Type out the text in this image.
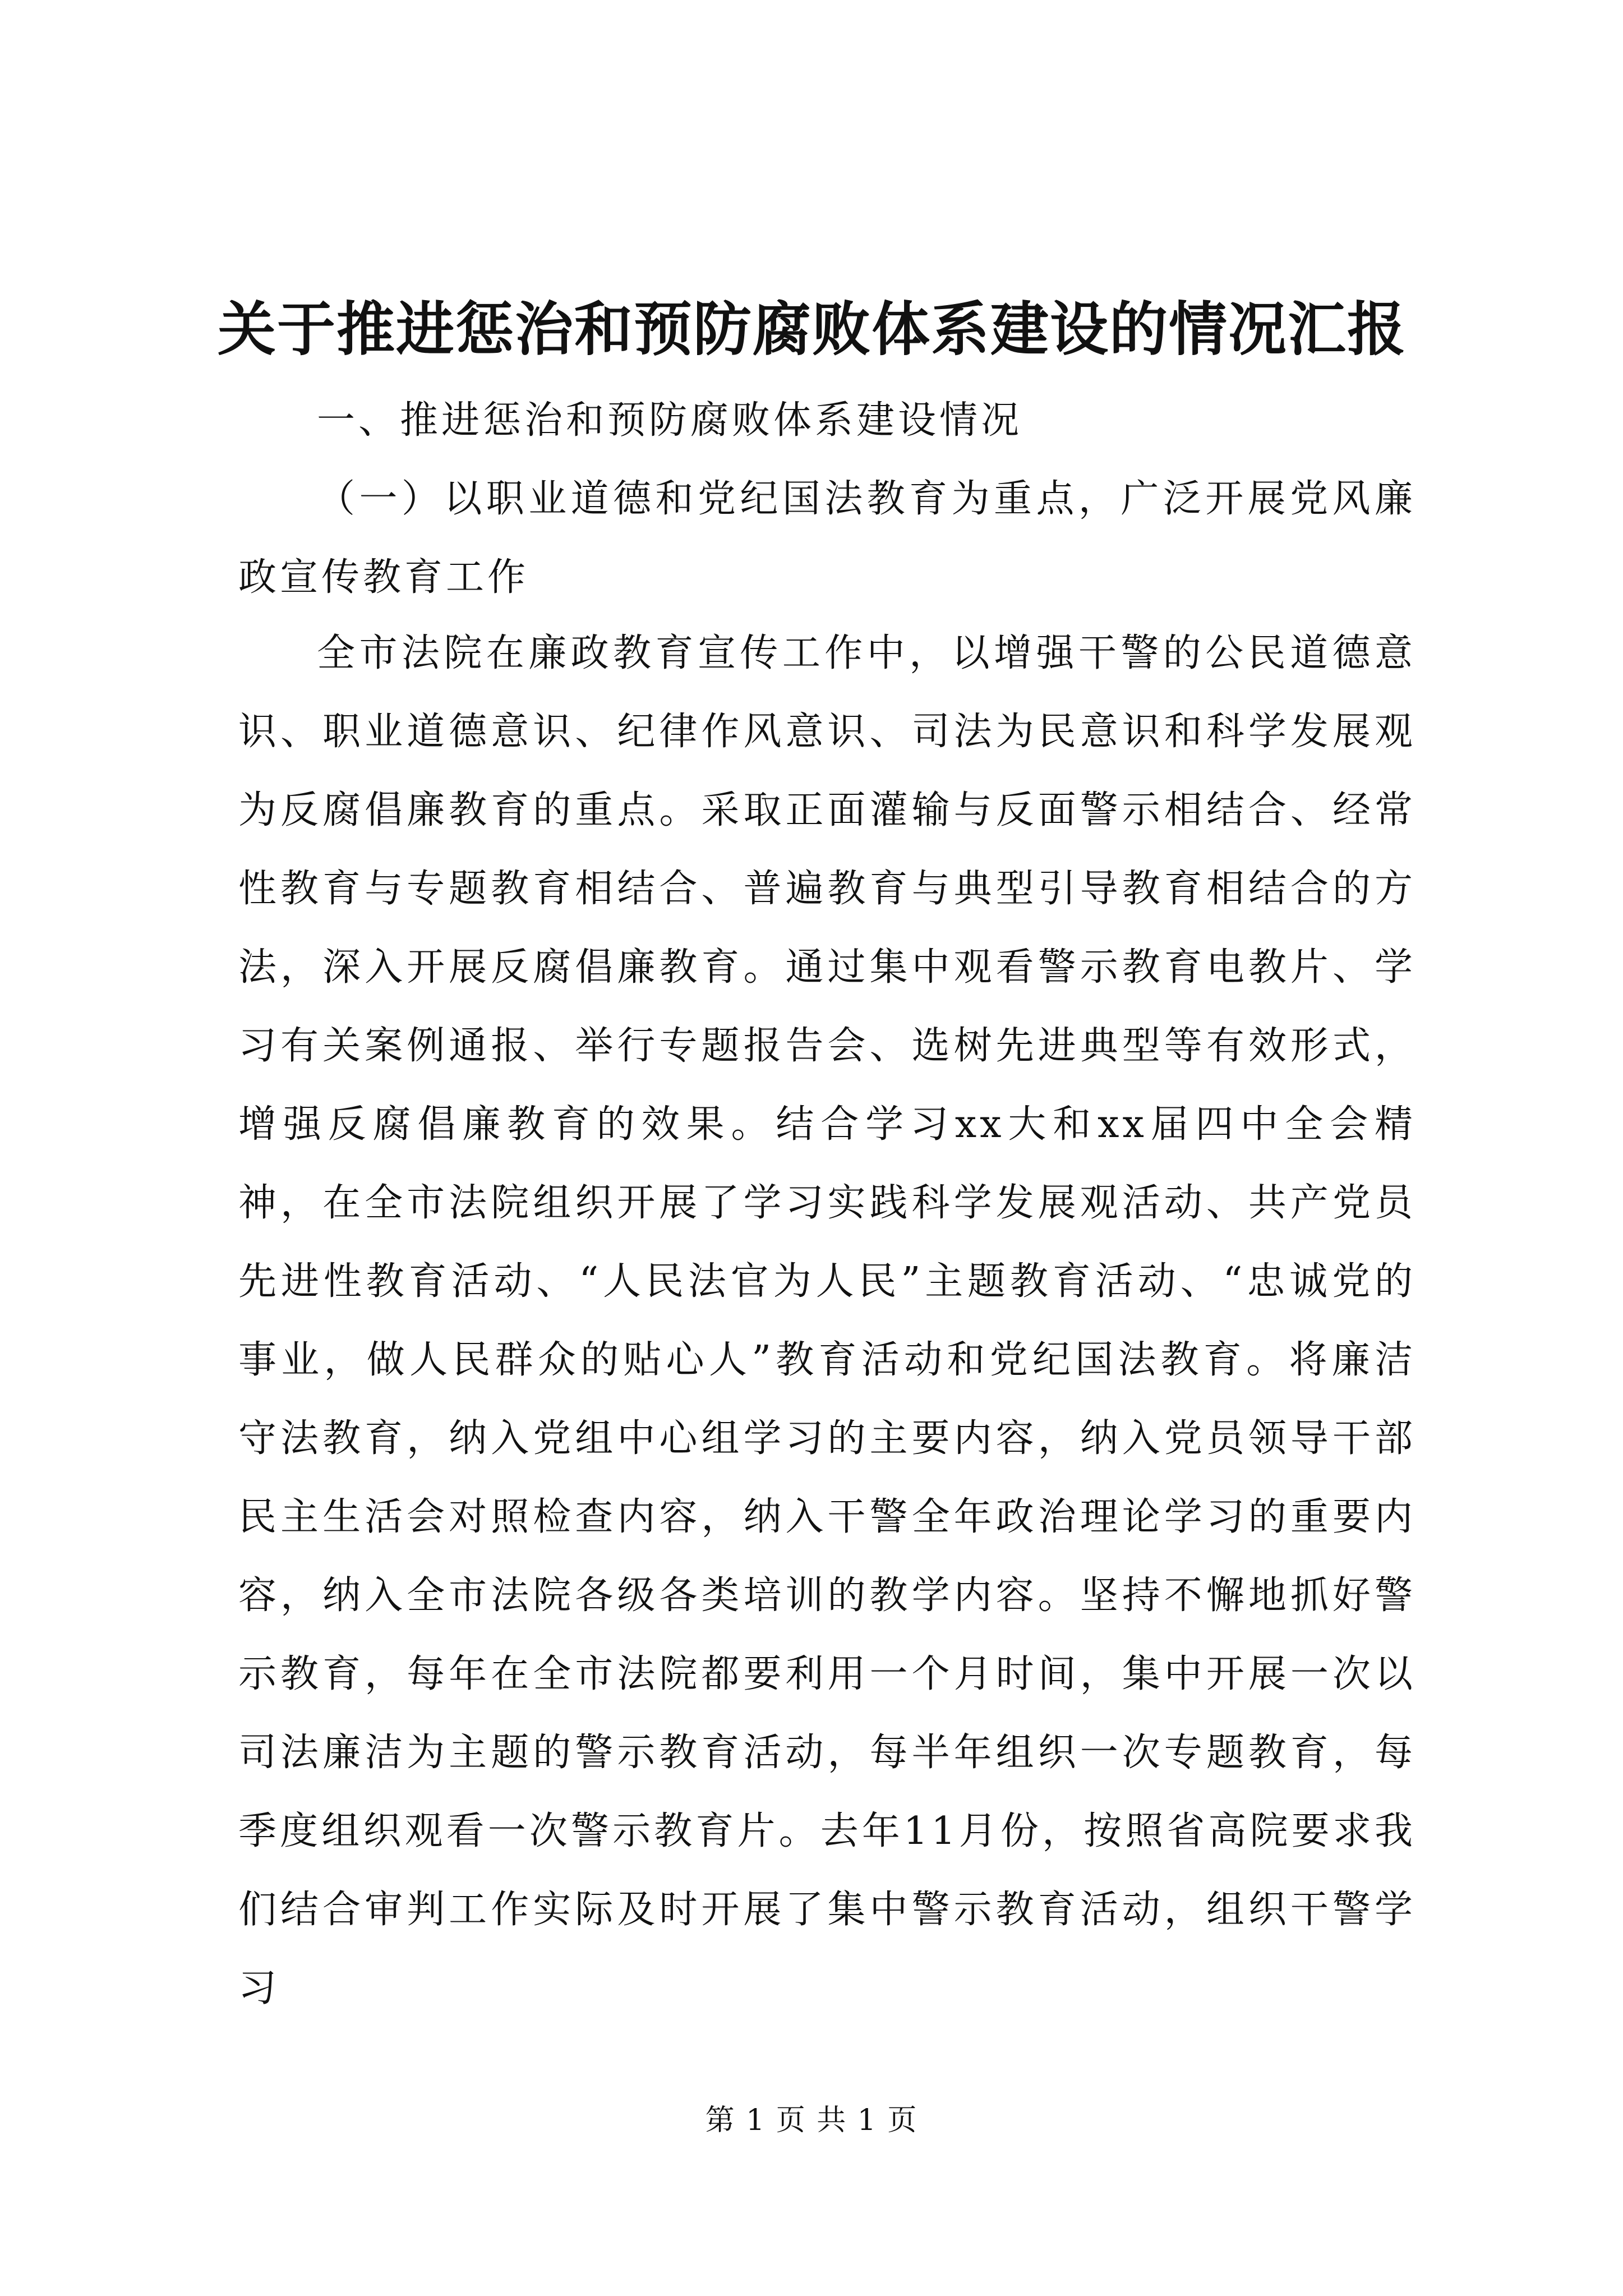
关于推进惩治和预防腐败体系建设的情况汇报
一、推进惩治和预防腐败体系建设情况
（一）以职业道德和党纪国法教育为重点，广泛开展党风廉政宣传教育工作
全市法院在廉政教育宣传工作中，以增强干警的公民道德意识、职业道德意识、纪律作风意识、司法为民意识和科学发展观为反腐倡廉教育的重点。采取正面灌输与反面警示相结合、经常性教育与专题教育相结合、普遍教育与典型引导教育相结合的方法，深入开展反腐倡廉教育。通过集中观看警示教育电教片、学习有关案例通报、举行专题报告会、选树先进典型等有效形式，增强反腐倡廉教育的效果。结合学习xx大和xx届四中全会精神，在全市法院组织开展了学习实践科学发展观活动、共产党员先进性教育活动、“人民法官为人民”主题教育活动、“忠诚党的事业，做人民群众的贴心人”教育活动和党纪国法教育。将廉洁守法教育，纳入党组中心组学习的主要内容，纳入党员领导干部民主生活会对照检查内容，纳入干警全年政治理论学习的重要内容，纳入全市法院各级各类培训的教学内容。坚持不懈地抓好警示教育，每年在全市法院都要利用一个月时间，集中开展一次以司法廉洁为主题的警示教育活动，每半年组织一次专题教育，每季度组织观看一次警示教育片。去年11月份，按照省高院要求我们结合审判工作实际及时开展了集中警示教育活动，组织干警学习
第 1 页 共 1 页
